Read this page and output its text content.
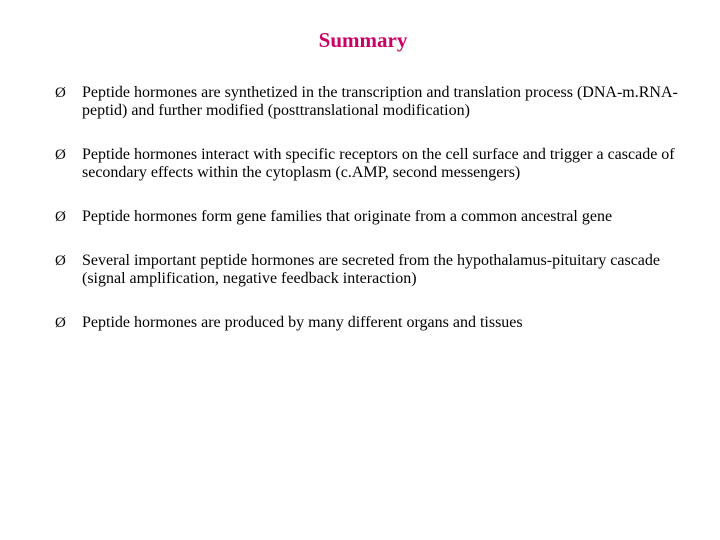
Summary
Ø Peptide hormones are synthetized in the transcription and translation process (DNA-m.RNA-peptid) and further modified (posttranslational modification)
Ø Peptide hormones interact with specific receptors on the cell surface and trigger a cascade of secondary effects within the cytoplasm (c.AMP, second messengers)
Ø Peptide hormones form gene families that originate from a common ancestral gene
Ø Several important peptide hormones are secreted from the hypothalamus-pituitary cascade (signal amplification, negative feedback interaction)
Ø Peptide hormones are produced by many different organs and tissues
